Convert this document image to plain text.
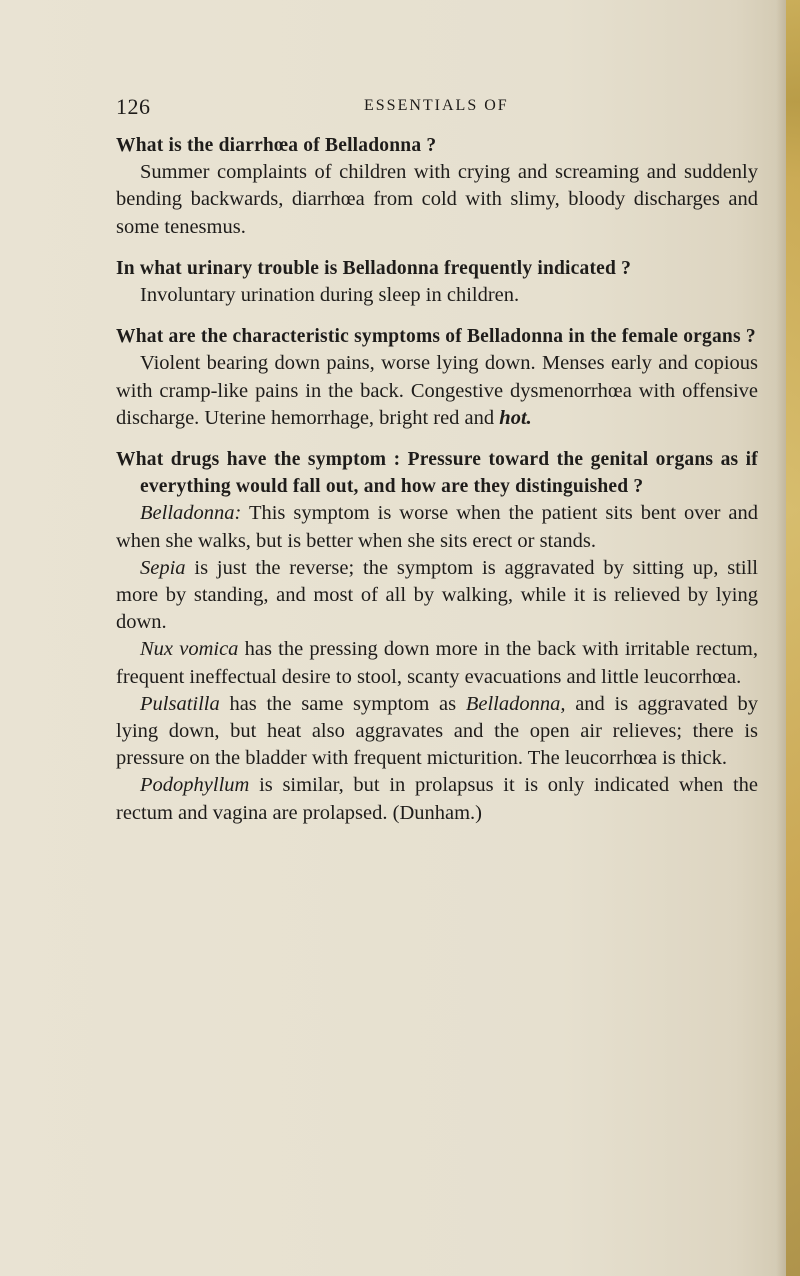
126	ESSENTIALS OF

What is the diarrhœa of Belladonna ?

Summer complaints of children with crying and screaming and suddenly bending backwards, diarrhœa from cold with slimy, bloody discharges and some tenesmus.

In what urinary trouble is Belladonna frequently indicated ?

Involuntary urination during sleep in children.

What are the characteristic symptoms of Belladonna in the female organs ?

Violent bearing down pains, worse lying down. Menses early and copious with cramp-like pains in the back. Congestive dysmenorrhœa with offensive discharge. Uterine hemorrhage, bright red and hot.

What drugs have the symptom : Pressure toward the genital organs as if everything would fall out, and how are they distinguished ?

Belladonna: This symptom is worse when the patient sits bent over and when she walks, but is better when she sits erect or stands.

Sepia is just the reverse; the symptom is aggravated by sitting up, still more by standing, and most of all by walking, while it is relieved by lying down.

Nux vomica has the pressing down more in the back with irritable rectum, frequent ineffectual desire to stool, scanty evacuations and little leucorrhœa.

Pulsatilla has the same symptom as Belladonna, and is aggravated by lying down, but heat also aggravates and the open air relieves; there is pressure on the bladder with frequent micturition. The leucorrhœa is thick.

Podophyllum is similar, but in prolapsus it is only indicated when the rectum and vagina are prolapsed. (Dunham.)
